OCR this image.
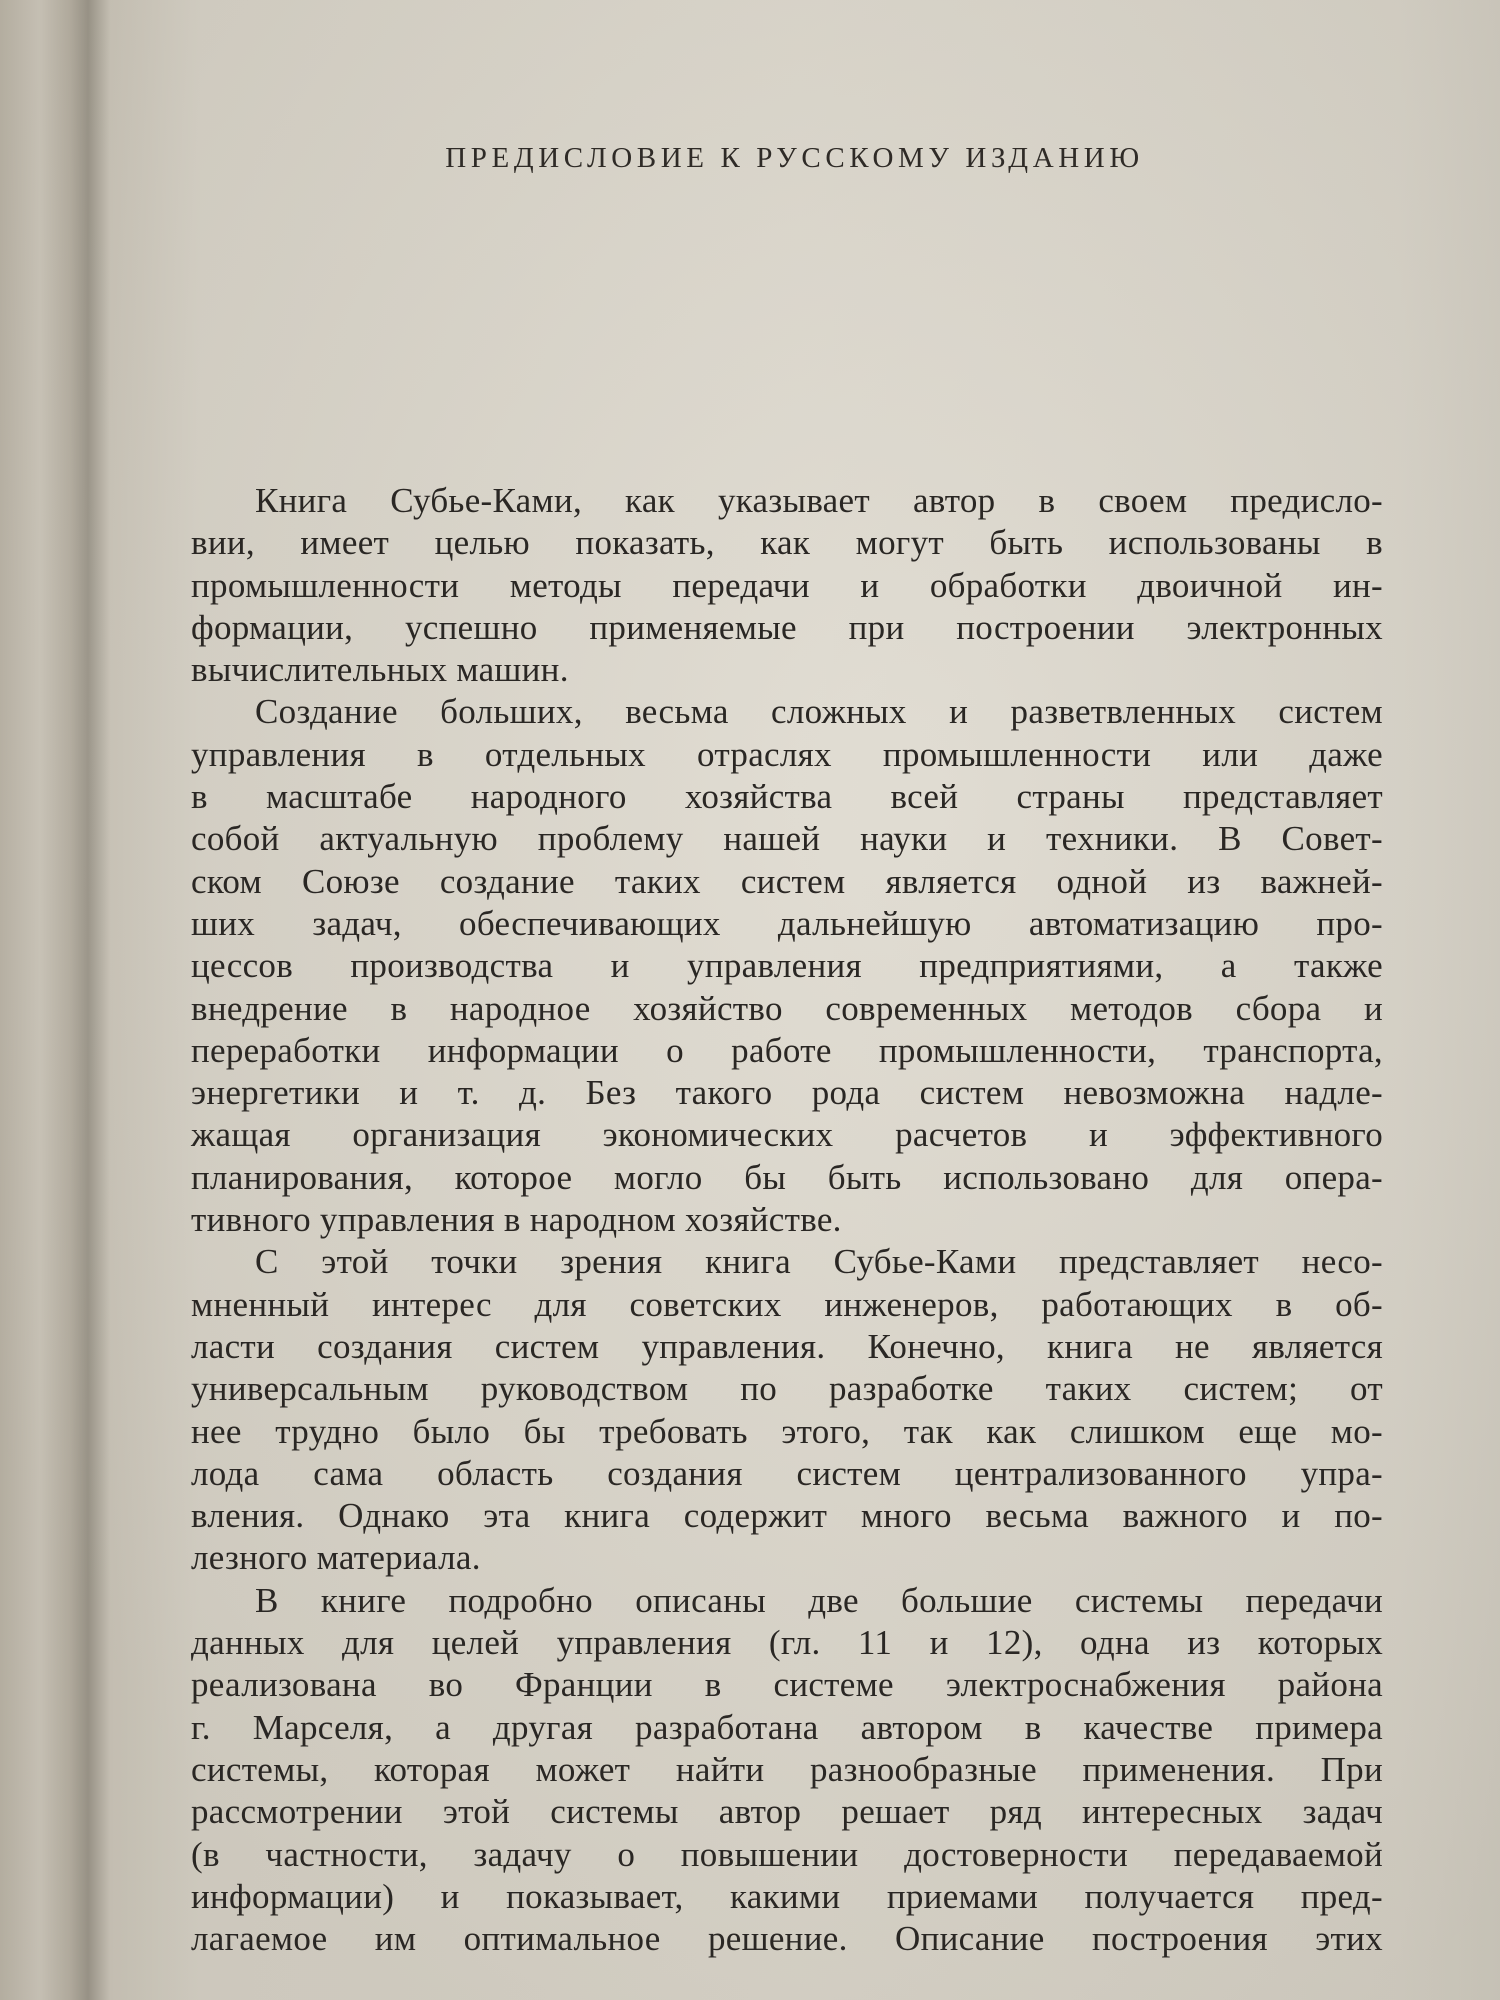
ПРЕДИСЛОВИЕ К РУССКОМУ ИЗДАНИЮ
Книга Субье-Ками, как указывает автор в своем предисло-
вии, имеет целью показать, как могут быть использованы в
промышленности методы передачи и обработки двоичной ин-
формации, успешно применяемые при построении электронных
вычислительных машин.
Создание больших, весьма сложных и разветвленных систем
управления в отдельных отраслях промышленности или даже
в масштабе народного хозяйства всей страны представляет
собой актуальную проблему нашей науки и техники. В Совет-
ском Союзе создание таких систем является одной из важней-
ших задач, обеспечивающих дальнейшую автоматизацию про-
цессов производства и управления предприятиями, а также
внедрение в народное хозяйство современных методов сбора и
переработки информации о работе промышленности, транспорта,
энергетики и т. д. Без такого рода систем невозможна надле-
жащая организация экономических расчетов и эффективного
планирования, которое могло бы быть использовано для опера-
тивного управления в народном хозяйстве.
С этой точки зрения книга Субье-Ками представляет несо-
мненный интерес для советских инженеров, работающих в об-
ласти создания систем управления. Конечно, книга не является
универсальным руководством по разработке таких систем; от
нее трудно было бы требовать этого, так как слишком еще мо-
лода сама область создания систем централизованного упра-
вления. Однако эта книга содержит много весьма важного и по-
лезного материала.
В книге подробно описаны две большие системы передачи
данных для целей управления (гл. 11 и 12), одна из которых
реализована во Франции в системе электроснабжения района
г. Марселя, а другая разработана автором в качестве примера
системы, которая может найти разнообразные применения. При
рассмотрении этой системы автор решает ряд интересных задач
(в частности, задачу о повышении достоверности передаваемой
информации) и показывает, какими приемами получается пред-
лагаемое им оптимальное решение. Описание построения этих
